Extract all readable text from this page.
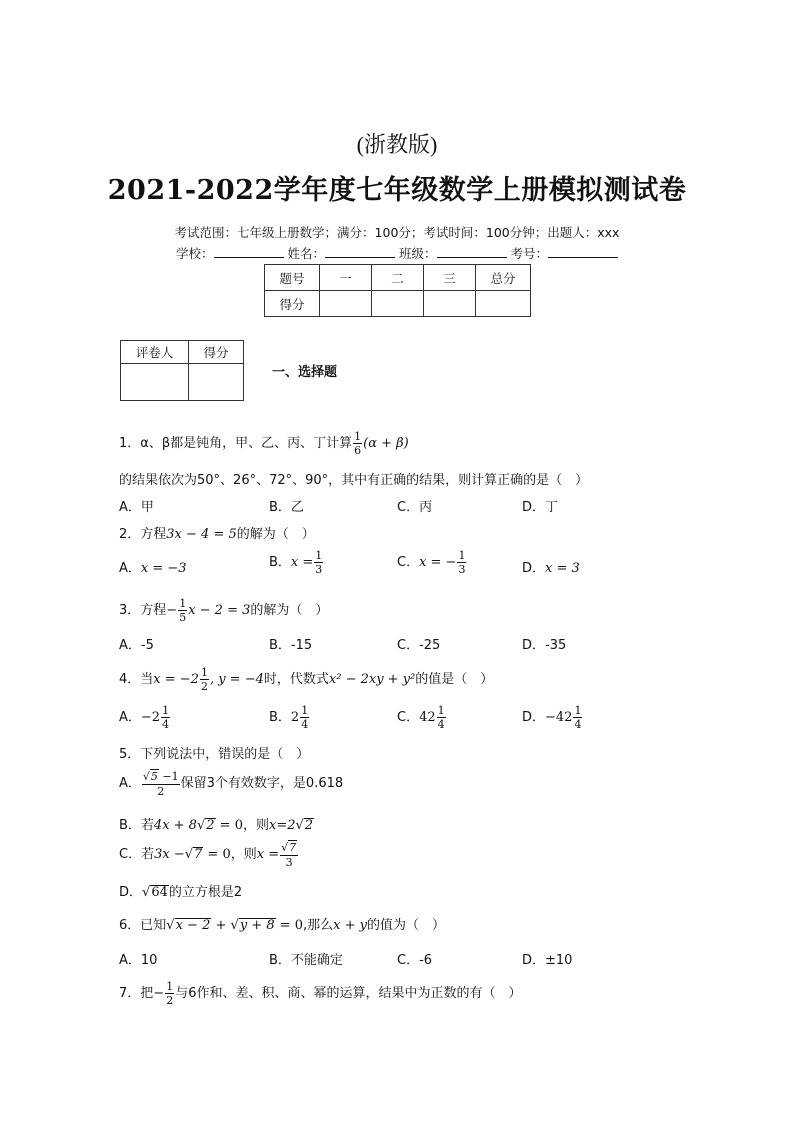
(浙教版)
2021-2022学年度七年级数学上册模拟测试卷
考试范围：七年级上册数学；满分：100分；考试时间：100分钟；出题人：xxx
学校：	姓名：	班级：	考号：
题号	一	二	三	总分
得分				
评卷人	得分

一、选择题
1．α、β都是钝角，甲、乙、丙、丁计算 $\frac{1}{6} (\alpha + \beta)$
的结果依次为50°、26°、72°、90°，其中有正确的结果，则计算正确的是（　）
A．甲	B．乙	C．丙	D．丁
2．方程3x − 4 = 5的解为（　）
A．x = −3	B．$x = \frac{1}{3}$	C．x = − $\frac{1}{3}$	D．x = 3
3．方程− $\frac{1}{5}$ x − 2 = 3的解为（　）
A．-5	B．-15	C．-25	D．-35
4．当$x = -2 \frac{1}{2}$ , y = −4时，代数式x² − 2xy + y²的值是（　）
A．$-2 \frac{1}{4}$	B．$2 \frac{1}{4}$	C．$42 \frac{1}{4}$	D．$-42 \frac{1}{4}$
5．下列说法中，错误的是（　）
A． $\frac{√5 -1}{2}$ 保留3个有效数字，是0.618
B．若4x + 8√2 = 0，则x=2√2
C．若3x −√7 = 0，则$x = \frac{√7}{3}$
D．√64的立方根是2
6．已知√x − 2 + √y + 8 = 0,那么x + y的值为（　）
A．10	B．不能确定	C．-6	D．±10
7．把− $\frac{1}{2}$ 与6作和、差、积、商、幂的运算，结果中为正数的有（　）
